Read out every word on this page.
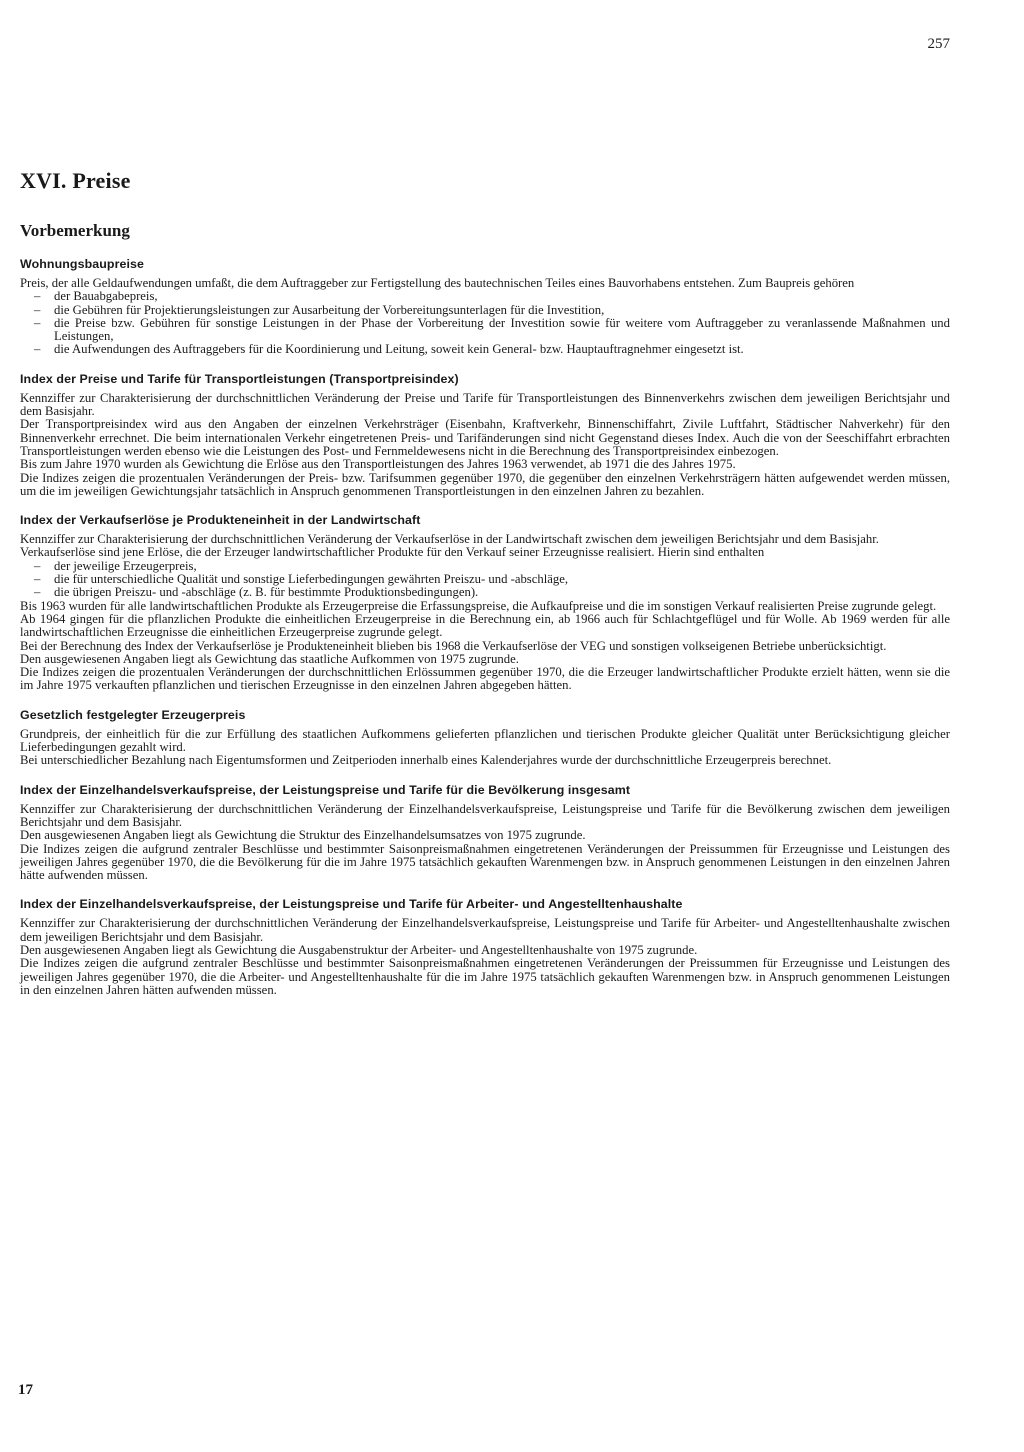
257
XVI. Preise
Vorbemerkung
Wohnungsbaupreise

Preis, der alle Geldaufwendungen umfaßt, die dem Auftraggeber zur Fertigstellung des bautechnischen Teiles eines Bauvorhabens entstehen. Zum Baupreis gehören

– der Bauabgabepreis,
– die Gebühren für Projektierungsleistungen zur Ausarbeitung der Vorbereitungsunterlagen für die Investition,
– die Preise bzw. Gebühren für sonstige Leistungen in der Phase der Vorbereitung der Investition sowie für weitere vom Auftraggeber zu veranlassende Maßnahmen und Leistungen,
– die Aufwendungen des Auftraggebers für die Koordinierung und Leitung, soweit kein General- bzw. Hauptauftragnehmer eingesetzt ist.
Index der Preise und Tarife für Transportleistungen (Transportpreisindex)

Kennziffer zur Charakterisierung der durchschnittlichen Veränderung der Preise und Tarife für Transportleistungen des Binnenverkehrs zwischen dem jeweiligen Berichtsjahr und dem Basisjahr.

Der Transportpreisindex wird aus den Angaben der einzelnen Verkehrsträger (Eisenbahn, Kraftverkehr, Binnenschiffahrt, Zivile Luftfahrt, Städtischer Nahverkehr) für den Binnenverkehr errechnet. Die beim internationalen Verkehr eingetretenen Preis- und Tarifänderungen sind nicht Gegenstand dieses Index. Auch die von der Seeschiffahrt erbrachten Transportleistungen werden ebenso wie die Leistungen des Post- und Fernmeldewesens nicht in die Berechnung des Transportpreisindex einbezogen.

Bis zum Jahre 1970 wurden als Gewichtung die Erlöse aus den Transportleistungen des Jahres 1963 verwendet, ab 1971 die des Jahres 1975.

Die Indizes zeigen die prozentualen Veränderungen der Preis- bzw. Tarifsummen gegenüber 1970, die gegenüber den einzelnen Verkehrsträgern hätten aufgewendet werden müssen, um die im jeweiligen Gewichtungsjahr tatsächlich in Anspruch genommenen Transportleistungen in den einzelnen Jahren zu bezahlen.

Index der Verkaufserlöse je Produkteneinheit in der Landwirtschaft

Kennziffer zur Charakterisierung der durchschnittlichen Veränderung der Verkaufserlöse in der Landwirtschaft zwischen dem jeweiligen Berichtsjahr und dem Basisjahr.

Verkaufserlöse sind jene Erlöse, die der Erzeuger landwirtschaftlicher Produkte für den Verkauf seiner Erzeugnisse realisiert. Hierin sind enthalten

– der jeweilige Erzeugerpreis,
– die für unterschiedliche Qualität und sonstige Lieferbedingungen gewährten Preiszu- und -abschläge,
– die übrigen Preiszu- und -abschläge (z. B. für bestimmte Produktionsbedingungen).

Bis 1963 wurden für alle landwirtschaftlichen Produkte als Erzeugerpreise die Erfassungspreise, die Aufkaufpreise und die im sonstigen Verkauf realisierten Preise zugrunde gelegt.

Ab 1964 gingen für die pflanzlichen Produkte die einheitlichen Erzeugerpreise in die Berechnung ein, ab 1966 auch für Schlachtgeflügel und für Wolle. Ab 1969 werden für alle landwirtschaftlichen Erzeugnisse die einheitlichen Erzeugerpreise zugrunde gelegt.

Bei der Berechnung des Index der Verkaufserlöse je Produkteneinheit blieben bis 1968 die Verkaufserlöse der VEG und sonstigen volkseigenen Betriebe unberücksichtigt.

Den ausgewiesenen Angaben liegt als Gewichtung das staatliche Aufkommen von 1975 zugrunde.

Die Indizes zeigen die prozentualen Veränderungen der durchschnittlichen Erlössummen gegenüber 1970, die die Erzeuger landwirtschaftlicher Produkte erzielt hätten, wenn sie die im Jahre 1975 verkauften pflanzlichen und tierischen Erzeugnisse in den einzelnen Jahren abgegeben hätten.

Gesetzlich festgelegter Erzeugerpreis

Grundpreis, der einheitlich für die zur Erfüllung des staatlichen Aufkommens gelieferten pflanzlichen und tierischen Produkte gleicher Qualität unter Berücksichtigung gleicher Lieferbedingungen gezahlt wird.

Bei unterschiedlicher Bezahlung nach Eigentumsformen und Zeitperioden innerhalb eines Kalenderjahres wurde der durchschnittliche Erzeugerpreis berechnet.

Index der Einzelhandelsverkaufspreise, der Leistungspreise und Tarife für die Bevölkerung insgesamt

Kennziffer zur Charakterisierung der durchschnittlichen Veränderung der Einzelhandelsverkaufspreise, Leistungspreise und Tarife für die Bevölkerung zwischen dem jeweiligen Berichtsjahr und dem Basisjahr.

Den ausgewiesenen Angaben liegt als Gewichtung die Struktur des Einzelhandelsumsatzes von 1975 zugrunde.

Die Indizes zeigen die aufgrund zentraler Beschlüsse und bestimmter Saisonpreismaßnahmen eingetretenen Veränderungen der Preissummen für Erzeugnisse und Leistungen des jeweiligen Jahres gegenüber 1970, die die Bevölkerung für die im Jahre 1975 tatsächlich gekauften Warenmengen bzw. in Anspruch genommenen Leistungen in den einzelnen Jahren hätte aufwenden müssen.

Index der Einzelhandelsverkaufspreise, der Leistungspreise und Tarife für Arbeiter- und Angestelltenhaushalte

Kennziffer zur Charakterisierung der durchschnittlichen Veränderung der Einzelhandelsverkaufspreise, Leistungspreise und Tarife für Arbeiter- und Angestelltenhaushalte zwischen dem jeweiligen Berichtsjahr und dem Basisjahr.

Den ausgewiesenen Angaben liegt als Gewichtung die Ausgabenstruktur der Arbeiter- und Angestelltenhaushalte von 1975 zugrunde.

Die Indizes zeigen die aufgrund zentraler Beschlüsse und bestimmter Saisonpreismaßnahmen eingetretenen Veränderungen der Preissummen für Erzeugnisse und Leistungen des jeweiligen Jahres gegenüber 1970, die die Arbeiter- und Angestelltenhaushalte für die im Jahre 1975 tatsächlich gekauften Warenmengen bzw. in Anspruch genommenen Leistungen in den einzelnen Jahren hätten aufwenden müssen.

17
